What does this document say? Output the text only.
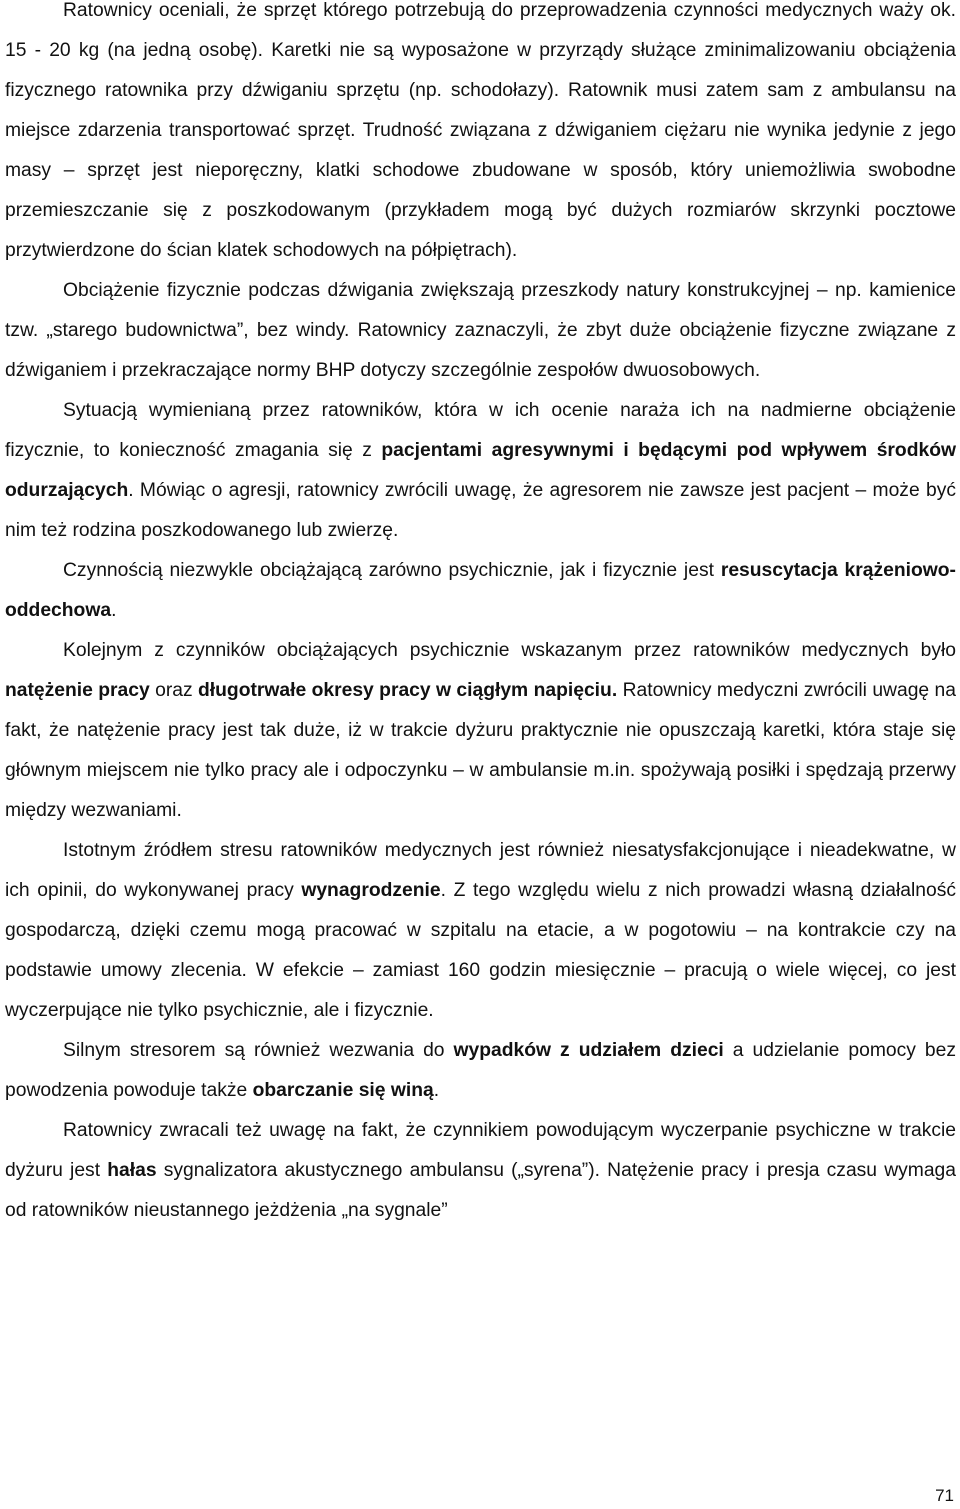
Ratownicy oceniali, że sprzęt którego potrzebują do przeprowadzenia czynności medycznych waży ok. 15 - 20 kg (na jedną osobę). Karetki nie są wyposażone w przyrządy służące zminimalizowaniu obciążenia fizycznego ratownika przy dźwiganiu sprzętu (np. schodołazy). Ratownik musi zatem sam z ambulansu na miejsce zdarzenia transportować sprzęt. Trudność związana z dźwiganiem ciężaru nie wynika jedynie z jego masy ‒ sprzęt jest nieporęczny, klatki schodowe zbudowane w sposób, który uniemożliwia swobodne przemieszczanie się z poszkodowanym (przykładem mogą być dużych rozmiarów skrzynki pocztowe przytwierdzone do ścian klatek schodowych na półpiętrach).

Obciążenie fizycznie podczas dźwigania zwiększają przeszkody natury konstrukcyjnej ‒ np. kamienice tzw. „starego budownictwa”, bez windy. Ratownicy zaznaczyli, że zbyt duże obciążenie fizyczne związane z dźwiganiem i przekraczające normy BHP dotyczy szczególnie zespołów dwuosobowych.

Sytuacją wymienianą przez ratowników, która w ich ocenie naraża ich na nadmierne obciążenie fizycznie, to konieczność zmagania się z pacjentami agresywnymi i będącymi pod wpływem środków odurzających. Mówiąc o agresji, ratownicy zwrócili uwagę, że agresorem nie zawsze jest pacjent ‒ może być nim też rodzina poszkodowanego lub zwierzę.

Czynnością niezwykle obciążającą zarówno psychicznie, jak i fizycznie jest resuscytacja krążeniowo-oddechowa.

Kolejnym z czynników obciążających psychicznie wskazanym przez ratowników medycznych było natężenie pracy oraz długotrwałe okresy pracy w ciągłym napięciu. Ratownicy medyczni zwrócili uwagę na fakt, że natężenie pracy jest tak duże, iż w trakcie dyżuru praktycznie nie opuszczają karetki, która staje się głównym miejscem nie tylko pracy ale i odpoczynku ‒ w ambulansie m.in. spożywają posiłki i spędzają przerwy między wezwaniami.

Istotnym źródłem stresu ratowników medycznych jest również niesatysfakcjonujące i nieadekwatne, w ich opinii, do wykonywanej pracy wynagrodzenie. Z tego względu wielu z nich prowadzi własną działalność gospodarczą, dzięki czemu mogą pracować w szpitalu na etacie, a w pogotowiu ‒ na kontrakcie czy na podstawie umowy zlecenia. W efekcie ‒ zamiast 160 godzin miesięcznie ‒ pracują o wiele więcej, co jest wyczerpujące nie tylko psychicznie, ale i fizycznie.

Silnym stresorem są również wezwania do wypadków z udziałem dzieci a udzielanie pomocy bez powodzenia powoduje także obarczanie się winą.

Ratownicy zwracali też uwagę na fakt, że czynnikiem powodującym wyczerpanie psychiczne w trakcie dyżuru jest hałas sygnalizatora akustycznego ambulansu („syrena”). Natężenie pracy i presja czasu wymaga od ratowników nieustannego jeżdżenia „na sygnale”

71
